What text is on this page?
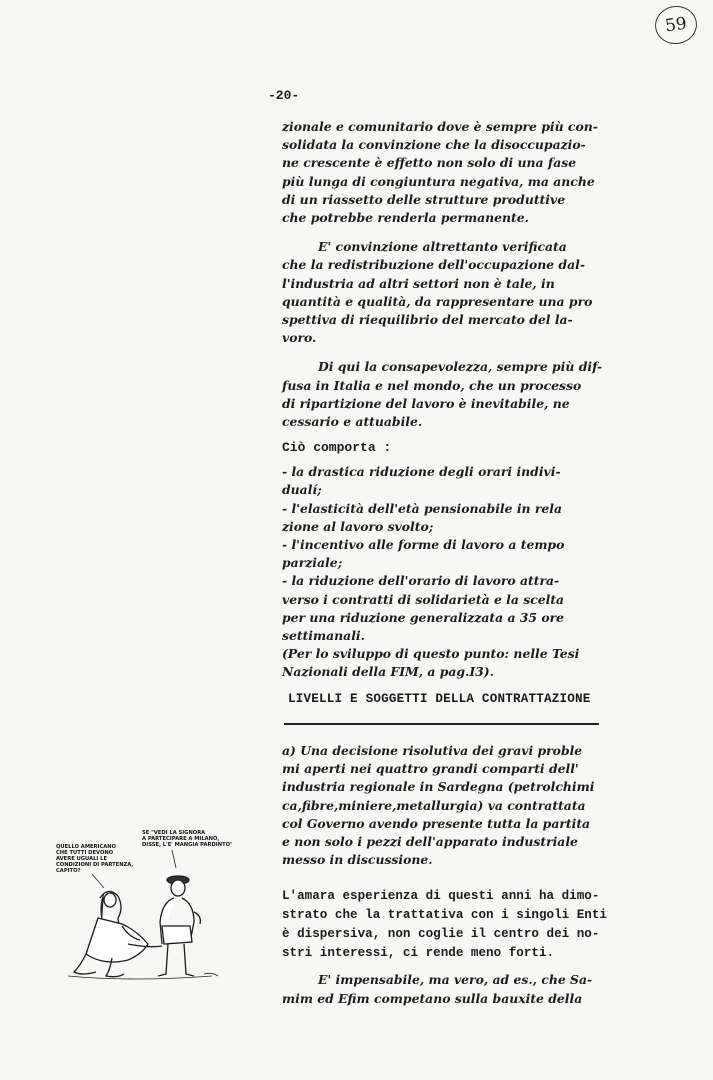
59
-20-
zionale e comunitario dove è sempre più con-
solidata la convinzione che la disoccupazio-
ne crescente è effetto non solo di una fase
più lunga di congiuntura negativa, ma anche
di un riassetto delle strutture produttive
che potrebbe renderla permanente.
E' convinzione altrettanto verificata
che la redistribuzione dell'occupazione dal-
l'industria ad altri settori non è tale, in
quantità e qualità, da rappresentare una pro
spettiva di riequilibrio del mercato del la-
voro.
Di qui la consapevolezza, sempre più dif-
fusa in Italia e nel mondo, che un processo
di ripartizione del lavoro è inevitabile, ne
cessario e attuabile.
Ciò comporta :
- la drastica riduzione degli orari indivi-
dualí;
- l'elasticità dell'età pensionabile in rela
zione al lavoro svolto;
- l'incentivo alle forme di lavoro a tempo
parziale;
- la riduzione dell'orario di lavoro attra-
verso i contratti di solidarietà e la scelta
per una riduzione generalizzata a 35 ore
settimanali.
(Per lo sviluppo di questo punto: nelle Tesi
Nazionali della FIM, a pag.I3).
LIVELLI E SOGGETTI DELLA CONTRATTAZIONE
a) Una decisione risolutiva dei gravi proble
mi aperti nei quattro grandi comparti dell'
industria regionale in Sardegna (petrolchimi
ca,fibre,miniere,metallurgia) va contrattata
col Governo avendo presente tutta la partita
e non solo i pezzi dell'apparato industriale
messo in discussione.
L'amara esperienza di questi anni ha dimo-
strato che la trattativa con i singoli Enti
è dispersiva, non coglie il centro dei no-
stri interessi, ci rende meno forti.
E' impensabile, ma vero, ad es., che Sa-
mim ed Efim competano sulla bauxite della
QUELLO AMERICANO
CHE TUTTI DEVONO
AVERE UGUALI LE
CONDIZIONI DI PARTENZA,
CAPITO?
SE "VEDI LA SIGNORA
A PARTECIPARE A MILANO,
DISSE, L'E' MANGIA PARDINTO"
